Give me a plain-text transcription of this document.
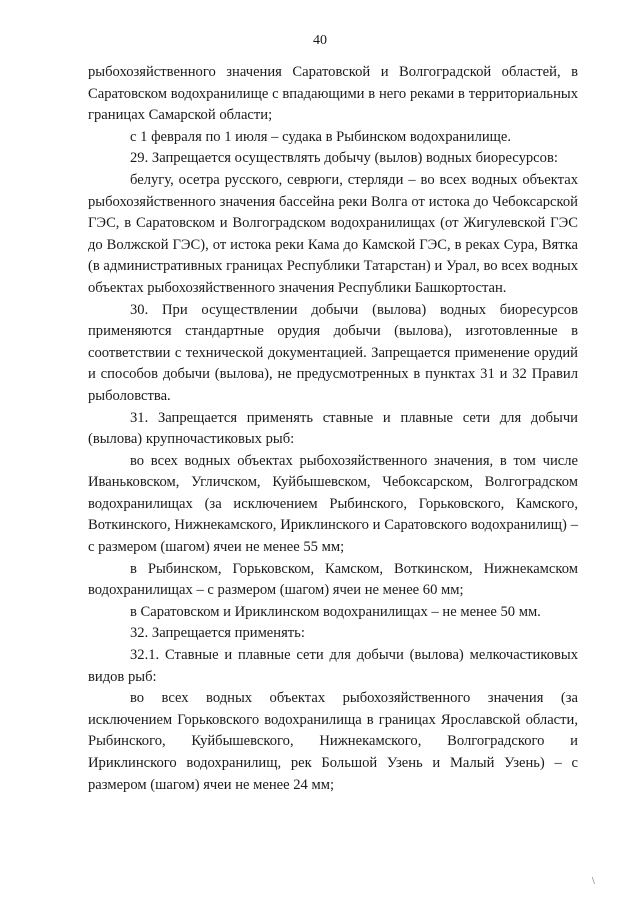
40

рыбохозяйственного значения Саратовской и Волгоградской областей, в Саратовском водохранилище с впадающими в него реками в территориальных границах Самарской области;

с 1 февраля по 1 июля – судака в Рыбинском водохранилище.

29. Запрещается осуществлять добычу (вылов) водных биоресурсов:

белугу, осетра русского, севрюги, стерляди – во всех водных объектах рыбохозяйственного значения бассейна реки Волга от истока до Чебоксарской ГЭС, в Саратовском и Волгоградском водохранилищах (от Жигулевской ГЭС до Волжской ГЭС), от истока реки Кама до Камской ГЭС, в реках Сура, Вятка (в административных границах Республики Татарстан) и Урал, во всех водных объектах рыбохозяйственного значения Республики Башкортостан.

30. При осуществлении добычи (вылова) водных биоресурсов применяются стандартные орудия добычи (вылова), изготовленные в соответствии с технической документацией. Запрещается применение орудий и способов добычи (вылова), не предусмотренных в пунктах 31 и 32 Правил рыболовства.

31. Запрещается применять ставные и плавные сети для добычи (вылова) крупночастиковых рыб:

во всех водных объектах рыбохозяйственного значения, в том числе Иваньковском, Угличском, Куйбышевском, Чебоксарском, Волгоградском водохранилищах (за исключением Рыбинского, Горьковского, Камского, Воткинского, Нижнекамского, Ириклинского и Саратовского водохранилищ) – с размером (шагом) ячеи не менее 55 мм;

в Рыбинском, Горьковском, Камском, Воткинском, Нижнекамском водохранилищах – с размером (шагом) ячеи не менее 60 мм;

в Саратовском и Ириклинском водохранилищах – не менее 50 мм.

32. Запрещается применять:

32.1. Ставные и плавные сети для добычи (вылова) мелкочастиковых видов рыб:

во всех водных объектах рыбохозяйственного значения (за исключением Горьковского водохранилища в границах Ярославской области, Рыбинского, Куйбышевского, Нижнекамского, Волгоградского и Ириклинского водохранилищ, рек Большой Узень и Малый Узень) – с размером (шагом) ячеи не менее 24 мм;

\
